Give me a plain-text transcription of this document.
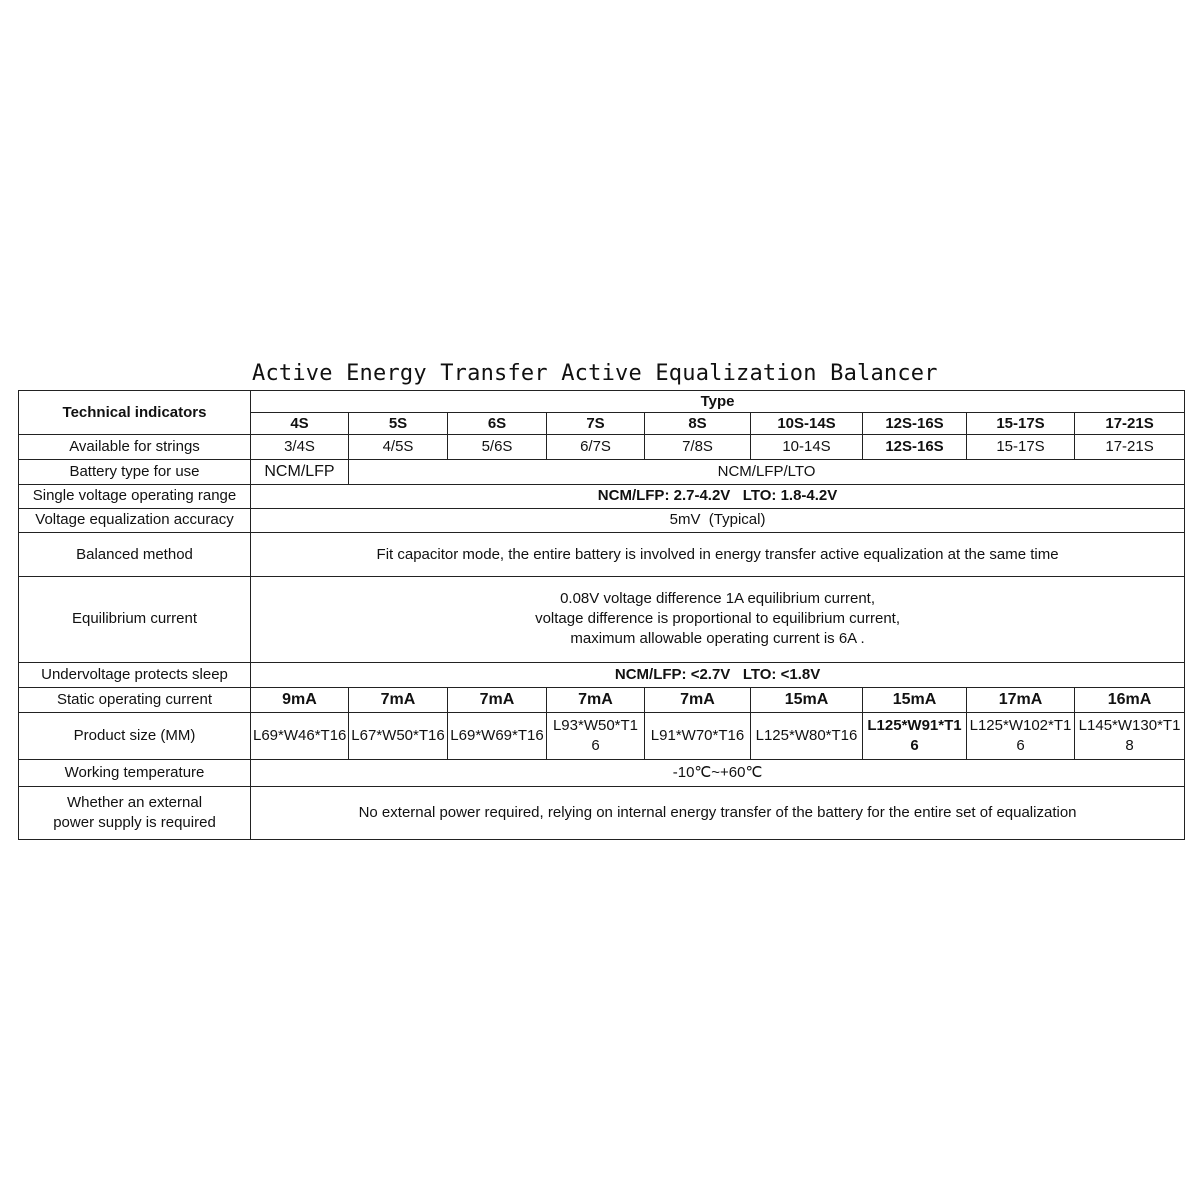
Active Energy Transfer Active Equalization Balancer
Technical indicators	Type								
	4S	5S	6S	7S	8S	10S-14S	12S-16S	15-17S	17-21S
Available for strings	3/4S	4/5S	5/6S	6/7S	7/8S	10-14S	12S-16S	15-17S	17-21S
Battery type for use	NCM/LFP	NCM/LFP/LTO							
Single voltage operating range	NCM/LFP: 2.7-4.2V   LTO: 1.8-4.2V								
Voltage equalization accuracy	5mV  (Typical)								
Balanced method	Fit capacitor mode, the entire battery is involved in energy transfer active equalization at the same time								
Equilibrium current	0.08V voltage difference 1A equilibrium current,
voltage difference is proportional to equilibrium current,
maximum allowable operating current is 6A .								

Undervoltage protects sleep	NCM/LFP: <2.7V   LTO: <1.8V								
Static operating current	9mA	7mA	7mA	7mA	7mA	15mA	15mA	17mA	16mA
Product size (MM)	L69*W46*T16	L67*W50*T16	L69*W69*T16	L93*W50*T16	L91*W70*T16	L125*W80*T16	L125*W91*T16	L125*W102*T16	L145*W130*T18
Working temperature	-10℃~+60℃								

Whether an external
power supply is required	No external power required, relying on internal energy transfer of the battery for the entire set of equalization								
